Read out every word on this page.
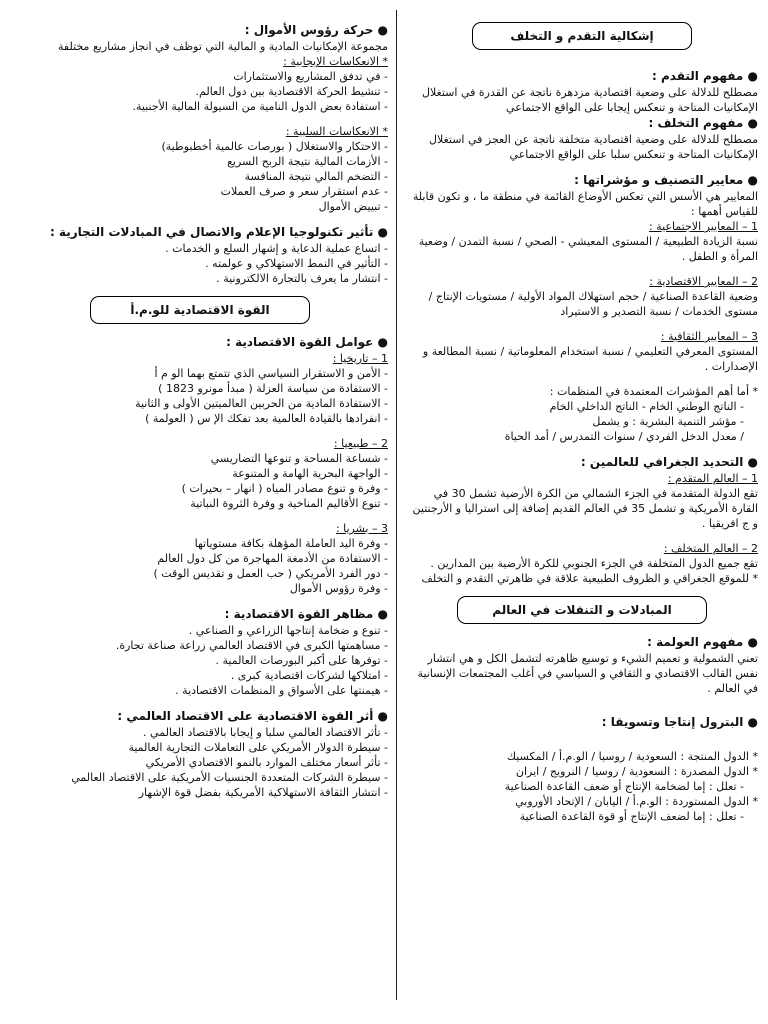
إشكالية التقدم و التخلف

● مفهوم التقدم :

مصطلح للدلالة على وضعية اقتصادية مزدهرة ناتجة عن القدرة في استغلال الإمكانيات المتاحة و تنعكس إيجابا على الواقع الاجتماعي

● مفهوم التخلف :

مصطلح للدلالة على وضعية اقتصادية متخلفة ناتجة عن العجز في استغلال الإمكانيات المتاحة و تنعكس سلبا على الواقع الاجتماعي

● معايير التصنيف و مؤشراتها :

المعايير هي الأسس التي تعكس الأوضاع القائمة في منطقة ما ، و تكون قابلة للقياس أهمها :

1 – المعايير الاجتماعية :

نسبة الزيادة الطبيعية / المستوى المعيشي - الصحي / نسبة التمدن / وضعية المرأة و الطفل .

2 – المعايير الاقتصادية :

وضعية القاعدة الصناعية / حجم استهلاك المواد الأولية / مستويات الإنتاج / مستوى الخدمات / نسبة التصدير و الاستيراد

3 – المعايير الثقافية :

المستوى المعرفي التعليمي / نسبة استخدام المعلوماتية / نسبة المطالعة و الإصدارات .

* أما أهم المؤشرات المعتمدة في المنظمات :

- الناتج الوطني الخام - الناتج الداخلي الخام

- مؤشر التنمية البشرية : و يشمل

/ معدل الدخل الفردي / سنوات التمدرس / أمد الحياة

● التحديد الجغرافي للعالمين :

1 – العالم المتقدم :

تقع الدولة المتقدمة في الجزء الشمالي من الكرة الأرضية تشمل 30 في القارة الأمريكية و تشمل 35 في العالم القديم إضافة إلى استراليا و الأرجنتين و ج افريقيا .

2 – العالم المتخلف :

تقع جميع الدول المتخلفة في الجزء الجنوبي للكرة الأرضية بين المدارين .

* للموقع الجغرافي و الظروف الطبيعية علاقة في ظاهرتي التقدم و التخلف

المبادلات و التنقلات في العالم

● مفهوم العولمة :

تعني الشمولية و تعميم الشيء و توسيع ظاهرته لتشمل الكل و هي انتشار نفس القالب الاقتصادي و الثقافي و السياسي في أغلب المجتمعات الإنسانية في العالم .

● البترول إنتاجا وتسويقا :

* الدول المنتجة : السعودية / روسيا / الو.م.أ / المكسيك

* الدول المصدرة : السعودية / روسيا / النرويج / ايران

- تعلل : إما لضخامة الإنتاج أو ضعف القاعدة الصناعية

* الدول المستوردة : الو.م.أ / اليابان / الإتحاد الأوروبي

- تعلل : إما لضعف الإنتاج أو قوة القاعدة الصناعية

● حركة رؤوس الأموال :

مجموعة الإمكانيات المادية و المالية التي توظف في انجاز مشاريع مختلفة

* الانعكاسات الإيجابية :

- في تدفق المشاريع والاستثمارات

- تنشيط الحركة الاقتصادية بين دول العالم.

- استفادة بعض الدول النامية من السيولة المالية الأجنبية.

* الانعكاسات السلبية :

- الاحتكار والاستغلال ( بورصات عالمية أخطبوطية)

- الأزمات المالية نتيجة الربح السريع

- التضخم المالي نتيجة المنافسة

- عدم استقرار سعر و صرف العملات

- تبييض الأموال

● تأثير تكنولوجيا الإعلام والاتصال في المبادلات التجارية :

- اتساع عملية الدعاية و إشهار السلع و الخدمات .

- التأثير في النمط الاستهلاكي و عولمته .

- انتشار ما يعرف بالتجارة الالكترونية .

القوة الاقتصادية للو.م.أ

● عوامل القوة الاقتصادية :

1 – تاريخيا :

- الأمن و الاستقرار السياسي الذي تتمتع بهما الو م أ

- الاستفادة من سياسة العزلة ( مبدأ مونرو 1823 )

- الاستفادة المادية من الحربين العالميتين الأولى و الثانية

- انفرادها بالقيادة العالمية بعد تفكك الإ س ( العولمة )

2 – طبيعيا :

- شساعة المساحة و تنوعها التضاريسي

- الواجهة البحرية الهامة و المتنوعة

- وفرة و تنوع مصادر المياه ( انهار – بحيرات )

- تنوع الأقاليم المناخية و وفرة الثروة النباتية

3 – بشريا :

- وفرة اليد العاملة المؤهلة بكافة مستوياتها

- الاستفادة من الأدمغة المهاجرة من كل دول العالم

- دور الفرد الأمريكي ( حب العمل و تقديس الوقت )

- وفرة رؤوس الأموال

● مظاهر القوة الاقتصادية :

- تنوع و ضخامة إنتاجها الزراعي و الصناعي .

- مساهمتها الكبرى في الاقتصاد العالمي زراعة صناعة تجارة.

- توفرها على أكبر البورصات العالمية .

- امتلاكها لشركات اقتصادية كبرى .

- هيمنتها على الأسواق و المنظمات الاقتصادية .

● أثر القوة الاقتصادية على الاقتصاد العالمي :

- تأثر الاقتصاد العالمي سلبا و إيجابا بالاقتصاد العالمي .

- سيطرة الدولار الأمريكي على التعاملات التجارية العالمية

- تأثر أسعار مختلف الموارد بالنمو الاقتصادي الأمريكي

- سيطرة الشركات المتعددة الجنسيات الأمريكية على الاقتصاد العالمي

- انتشار الثقافة الاستهلاكية الأمريكية بفضل قوة الإشهار
